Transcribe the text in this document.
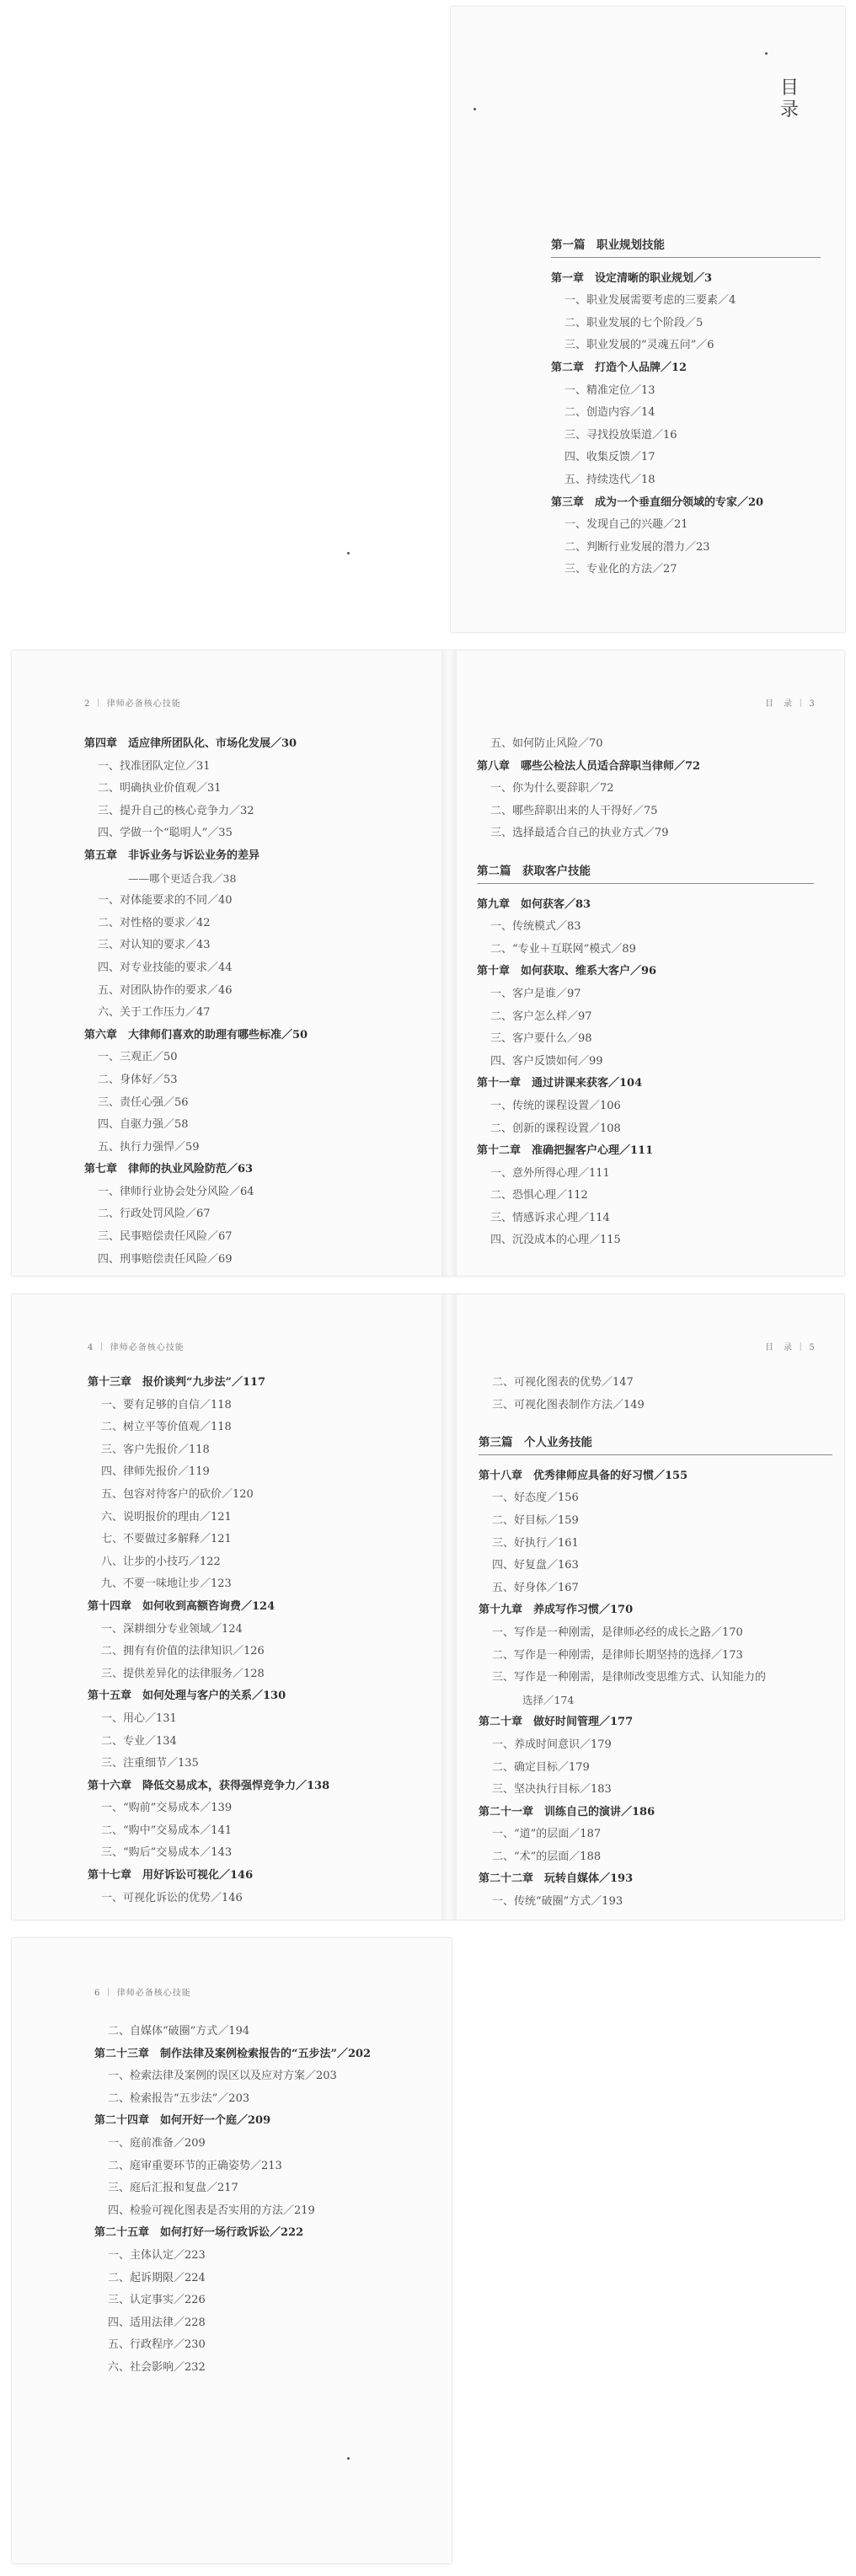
目
录
第一篇　职业规划技能
第一章　设定清晰的职业规划／3
一、职业发展需要考虑的三要素／4
二、职业发展的七个阶段／5
三、职业发展的“灵魂五问”／6
第二章　打造个人品牌／12
一、精准定位／13
二、创造内容／14
三、寻找投放渠道／16
四、收集反馈／17
五、持续迭代／18
第三章　成为一个垂直细分领域的专家／20
一、发现自己的兴趣／21
二、判断行业发展的潜力／23
三、专业化的方法／27
2 ｜ 律师必备核心技能	目　录 ｜ 3
第四章　适应律所团队化、市场化发展／30
一、找准团队定位／31
二、明确执业价值观／31
三、提升自己的核心竞争力／32
四、学做一个“聪明人”／35
第五章　非诉业务与诉讼业务的差异
——哪个更适合我／38
一、对体能要求的不同／40
二、对性格的要求／42
三、对认知的要求／43
四、对专业技能的要求／44
五、对团队协作的要求／46
六、关于工作压力／47
第六章　大律师们喜欢的助理有哪些标准／50
一、三观正／50
二、身体好／53
三、责任心强／56
四、自驱力强／58
五、执行力强悍／59
第七章　律师的执业风险防范／63
一、律师行业协会处分风险／64
二、行政处罚风险／67
三、民事赔偿责任风险／67
四、刑事赔偿责任风险／69
五、如何防止风险／70
第八章　哪些公检法人员适合辞职当律师／72
一、你为什么要辞职／72
二、哪些辞职出来的人干得好／75
三、选择最适合自己的执业方式／79
第二篇　获取客户技能
第九章　如何获客／83
一、传统模式／83
二、“专业＋互联网”模式／89
第十章　如何获取、维系大客户／96
一、客户是谁／97
二、客户怎么样／97
三、客户要什么／98
四、客户反馈如何／99
第十一章　通过讲课来获客／104
一、传统的课程设置／106
二、创新的课程设置／108
第十二章　准确把握客户心理／111
一、意外所得心理／111
二、恐惧心理／112
三、情感诉求心理／114
四、沉没成本的心理／115
4 ｜ 律师必备核心技能	目　录 ｜ 5
第十三章　报价谈判“九步法”／117
一、要有足够的自信／118
二、树立平等价值观／118
三、客户先报价／118
四、律师先报价／119
五、包容对待客户的砍价／120
六、说明报价的理由／121
七、不要做过多解释／121
八、让步的小技巧／122
九、不要一味地让步／123
第十四章　如何收到高额咨询费／124
一、深耕细分专业领域／124
二、拥有有价值的法律知识／126
三、提供差异化的法律服务／128
第十五章　如何处理与客户的关系／130
一、用心／131
二、专业／134
三、注重细节／135
第十六章　降低交易成本，获得强悍竞争力／138
一、“购前”交易成本／139
二、“购中”交易成本／141
三、“购后”交易成本／143
第十七章　用好诉讼可视化／146
一、可视化诉讼的优势／146
二、可视化图表的优势／147
三、可视化图表制作方法／149
第三篇　个人业务技能
第十八章　优秀律师应具备的好习惯／155
一、好态度／156
二、好目标／159
三、好执行／161
四、好复盘／163
五、好身体／167
第十九章　养成写作习惯／170
一、写作是一种刚需，是律师必经的成长之路／170
二、写作是一种刚需，是律师长期坚持的选择／173
三、写作是一种刚需，是律师改变思维方式、认知能力的
选择／174
第二十章　做好时间管理／177
一、养成时间意识／179
二、确定目标／179
三、坚决执行目标／183
第二十一章　训练自己的演讲／186
一、“道”的层面／187
二、“术”的层面／188
第二十二章　玩转自媒体／193
一、传统“破圈”方式／193
6 ｜ 律师必备核心技能
二、自媒体“破圈”方式／194
第二十三章　制作法律及案例检索报告的“五步法”／202
一、检索法律及案例的误区以及应对方案／203
二、检索报告“五步法”／203
第二十四章　如何开好一个庭／209
一、庭前准备／209
二、庭审重要环节的正确姿势／213
三、庭后汇报和复盘／217
四、检验可视化图表是否实用的方法／219
第二十五章　如何打好一场行政诉讼／222
一、主体认定／223
二、起诉期限／224
三、认定事实／226
四、适用法律／228
五、行政程序／230
六、社会影响／232
